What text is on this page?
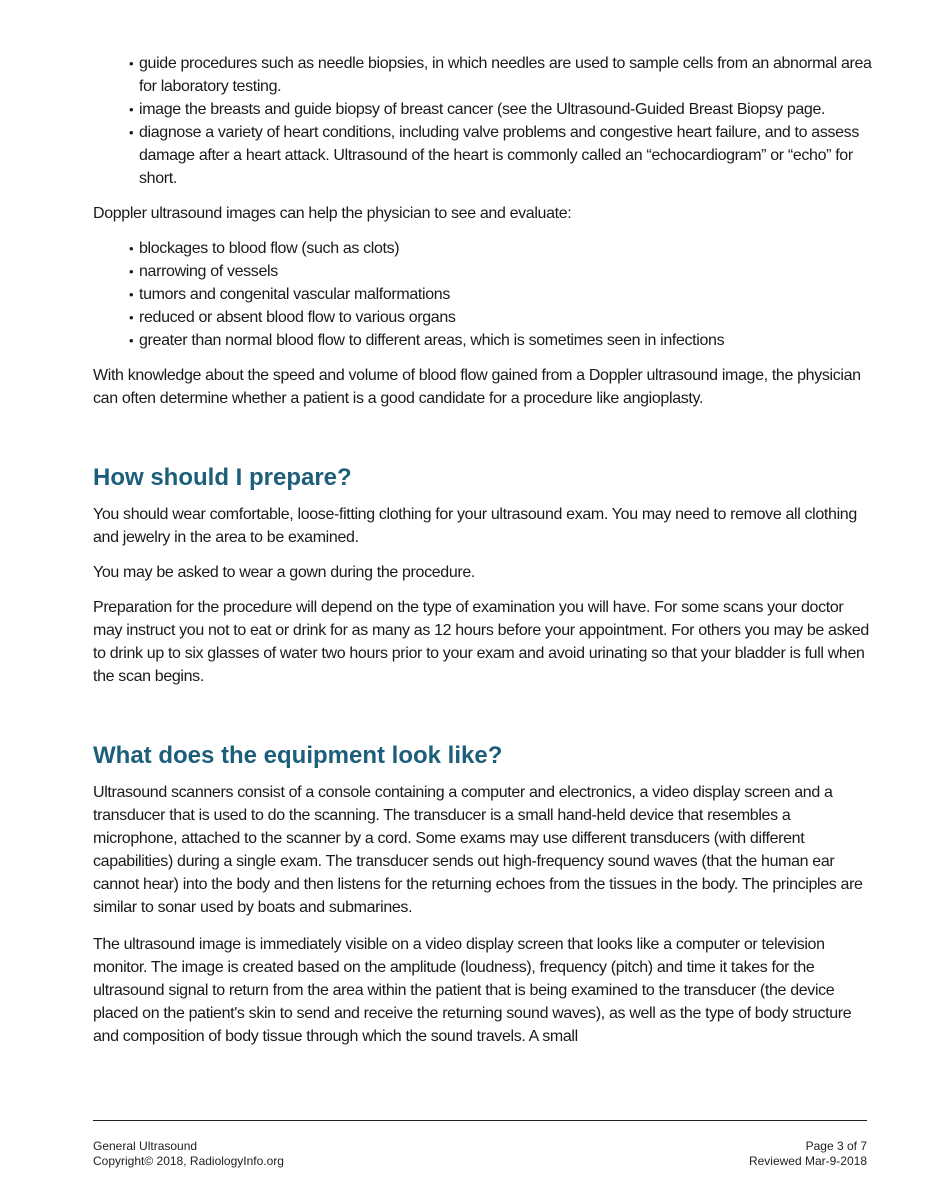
• guide procedures such as needle biopsies, in which needles are used to sample cells from an abnormal area for laboratory testing.
• image the breasts and guide biopsy of breast cancer (see the Ultrasound-Guided Breast Biopsy page.
• diagnose a variety of heart conditions, including valve problems and congestive heart failure, and to assess damage after a heart attack. Ultrasound of the heart is commonly called an “echocardiogram” or “echo” for short.

Doppler ultrasound images can help the physician to see and evaluate:

• blockages to blood flow (such as clots)
• narrowing of vessels
• tumors and congenital vascular malformations
• reduced or absent blood flow to various organs
• greater than normal blood flow to different areas, which is sometimes seen in infections

With knowledge about the speed and volume of blood flow gained from a Doppler ultrasound image, the physician can often determine whether a patient is a good candidate for a procedure like angioplasty.

How should I prepare?

You should wear comfortable, loose-fitting clothing for your ultrasound exam. You may need to remove all clothing and jewelry in the area to be examined.

You may be asked to wear a gown during the procedure.

Preparation for the procedure will depend on the type of examination you will have. For some scans your doctor may instruct you not to eat or drink for as many as 12 hours before your appointment. For others you may be asked to drink up to six glasses of water two hours prior to your exam and avoid urinating so that your bladder is full when the scan begins.

What does the equipment look like?

Ultrasound scanners consist of a console containing a computer and electronics, a video display screen and a transducer that is used to do the scanning. The transducer is a small hand-held device that resembles a microphone, attached to the scanner by a cord. Some exams may use different transducers (with different capabilities) during a single exam. The transducer sends out high-frequency sound waves (that the human ear cannot hear) into the body and then listens for the returning echoes from the tissues in the body. The principles are similar to sonar used by boats and submarines.

The ultrasound image is immediately visible on a video display screen that looks like a computer or television monitor. The image is created based on the amplitude (loudness), frequency (pitch) and time it takes for the ultrasound signal to return from the area within the patient that is being examined to the transducer (the device placed on the patient's skin to send and receive the returning sound waves), as well as the type of body structure and composition of body tissue through which the sound travels. A small

General Ultrasound
Copyright© 2018, RadiologyInfo.org
Page 3 of 7
Reviewed Mar-9-2018
